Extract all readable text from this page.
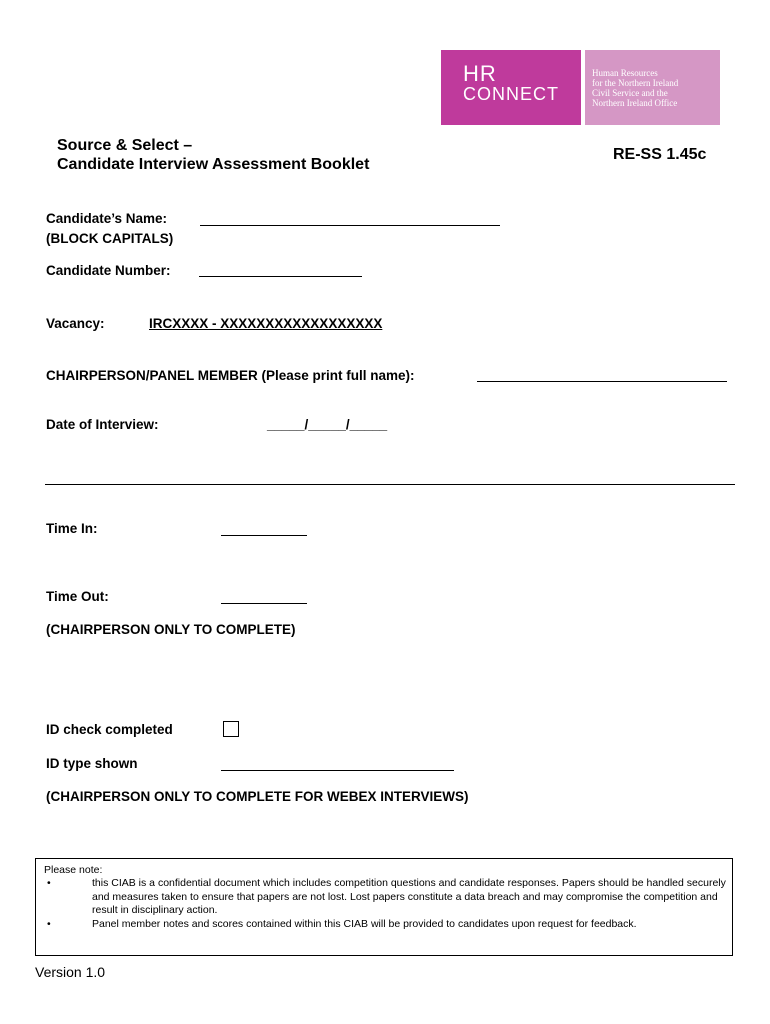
HR
CONNECT
Human Resources
for the Northern Ireland
Civil Service and the
Northern Ireland Office
Source & Select –
Candidate Interview Assessment Booklet
RE-SS 1.45c
Candidate’s Name:
(BLOCK CAPITALS)
Candidate Number:
Vacancy:	IRCXXXX - XXXXXXXXXXXXXXXXXX
CHAIRPERSON/PANEL MEMBER (Please print full name):
Date of Interview:	_____/_____/_____
Time In:
Time Out:
(CHAIRPERSON ONLY TO COMPLETE)
ID check completed
ID type shown
(CHAIRPERSON ONLY TO COMPLETE FOR WEBEX INTERVIEWS)
Please note:
•	this CIAB is a confidential document which includes competition questions and candidate responses. Papers should be handled securely and measures taken to ensure that papers are not lost. Lost papers constitute a data breach and may compromise the competition and result in disciplinary action.
•	Panel member notes and scores contained within this CIAB will be provided to candidates upon request for feedback.
Version 1.0
